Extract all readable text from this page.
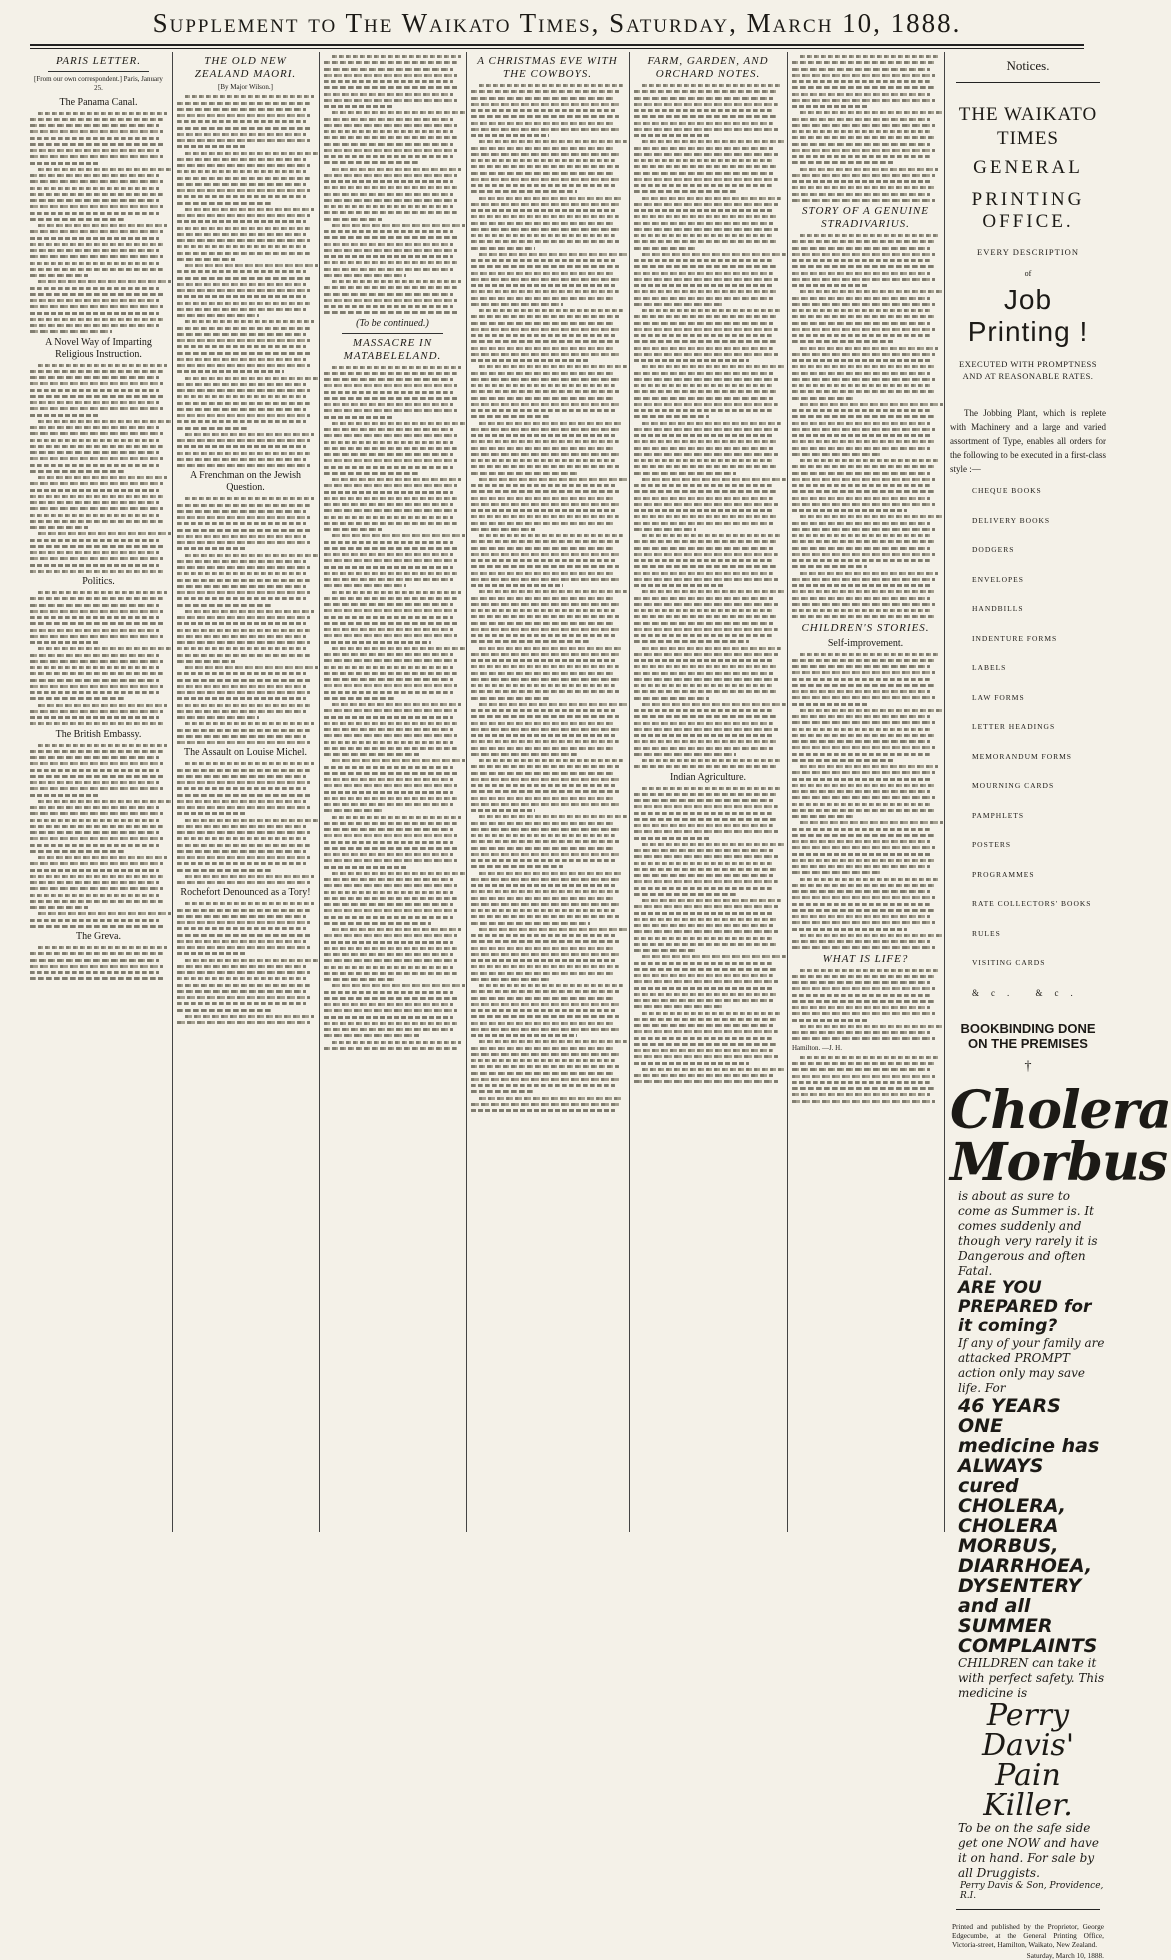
Supplement to The Waikato Times, Saturday, March 10, 1888.
PARIS LETTER.
[From our own correspondent.] Paris, January 25.
The Panama Canal.
A Novel Way of Imparting Religious Instruction.
Politics.
The British Embassy.
The Greva.
THE OLD NEW ZEALAND MAORI.
[By Major Wilson.]
A Frenchman on the Jewish Question.
The Assault on Louise Michel.
Rochefort Denounced as a Tory!
(To be continued.)
MASSACRE IN MATABELELAND.
A CHRISTMAS EVE WITH THE COWBOYS.
FARM, GARDEN, AND ORCHARD NOTES.
Indian Agriculture.
STORY OF A GENUINE STRADIVARIUS.
CHILDREN'S STORIES.
Self-improvement.
WHAT IS LIFE?
Hamilton. —J. H.
Notices.
THE WAIKATO TIMES
GENERAL
PRINTING OFFICE.
EVERY DESCRIPTION
of
Job Printing !
EXECUTED WITH PROMPTNESS AND AT REASONABLE RATES.
The Jobbing Plant, which is replete with Machinery and a large and varied assortment of Type, enables all orders for the following to be executed in a first-class style :—
CHEQUE BOOKS
DELIVERY BOOKS
DODGERS
ENVELOPES
HANDBILLS
INDENTURE FORMS
LABELS
LAW FORMS
LETTER HEADINGS
MEMORANDUM FORMS
MOURNING CARDS
PAMPHLETS
POSTERS
PROGRAMMES
RATE COLLECTORS' BOOKS
RULES
VISITING CARDS
&c. &c.
BOOKBINDING DONE ON THE PREMISES
†
Cholera
Morbus
is about as sure to come as Summer is. It comes suddenly and though very rarely it is Dangerous and often Fatal.
ARE YOU PREPARED for it coming?
If any of your family are attacked PROMPT action only may save life. For
46 YEARS ONE medicine has ALWAYS cured CHOLERA, CHOLERA MORBUS, DIARRHOEA, DYSENTERY and all SUMMER COMPLAINTS
CHILDREN can take it with perfect safety. This medicine is
Perry Davis'
Pain Killer.
To be on the safe side get one NOW and have it on hand. For sale by all Druggists.
Perry Davis & Son, Providence, R.I.
Printed and published by the Proprietor, George Edgecumbe, at the General Printing Office, Victoria-street, Hamilton, Waikato, New Zealand.
Saturday, March 10, 1888.
